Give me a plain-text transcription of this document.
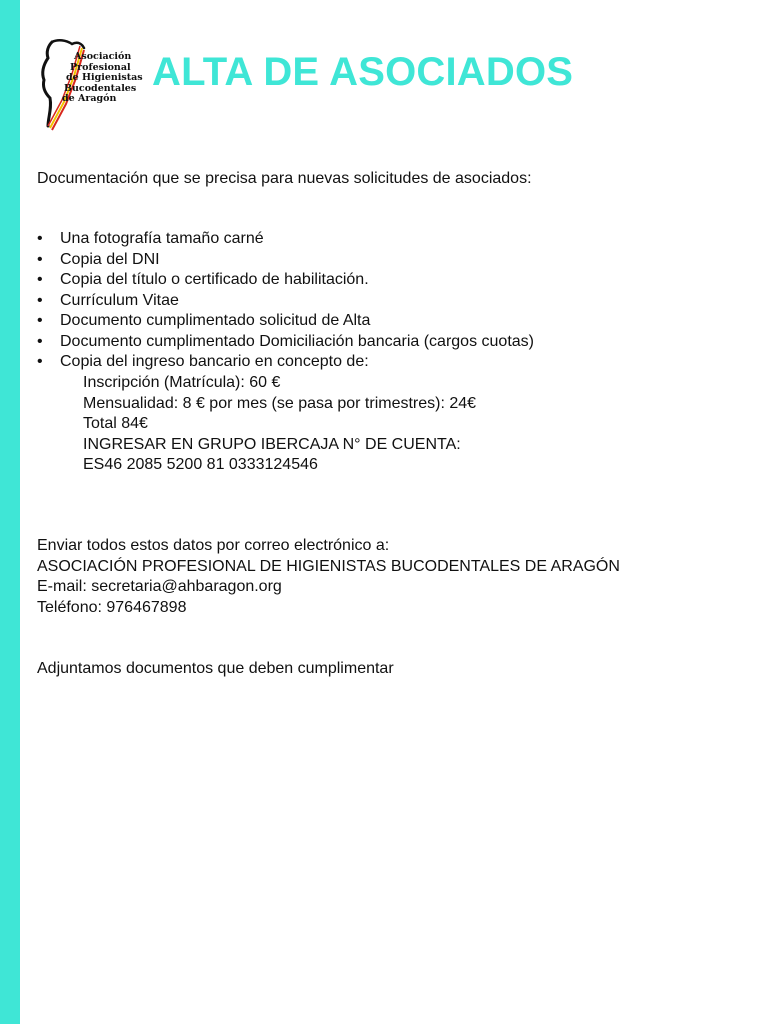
Asociación
Profesional
de Higienistas
Bucodentales
de Aragón
ALTA DE ASOCIADOS
Documentación que se precisa para nuevas solicitudes de asociados:
• Una fotografía tamaño carné
• Copia del DNI
• Copia del título o certificado de habilitación.
• Currículum Vitae
• Documento cumplimentado solicitud de Alta
• Documento cumplimentado Domiciliación bancaria (cargos cuotas)
• Copia del ingreso bancario en concepto de:
Inscripción (Matrícula): 60 €
Mensualidad: 8 € por mes (se pasa por trimestres): 24€
Total 84€
INGRESAR EN GRUPO IBERCAJA N° DE CUENTA:
ES46 2085 5200 81 0333124546
Enviar todos estos datos por correo electrónico a:
ASOCIACIÓN PROFESIONAL DE HIGIENISTAS BUCODENTALES DE ARAGÓN
E-mail: secretaria@ahbaragon.org
Teléfono: 976467898
Adjuntamos documentos que deben cumplimentar
